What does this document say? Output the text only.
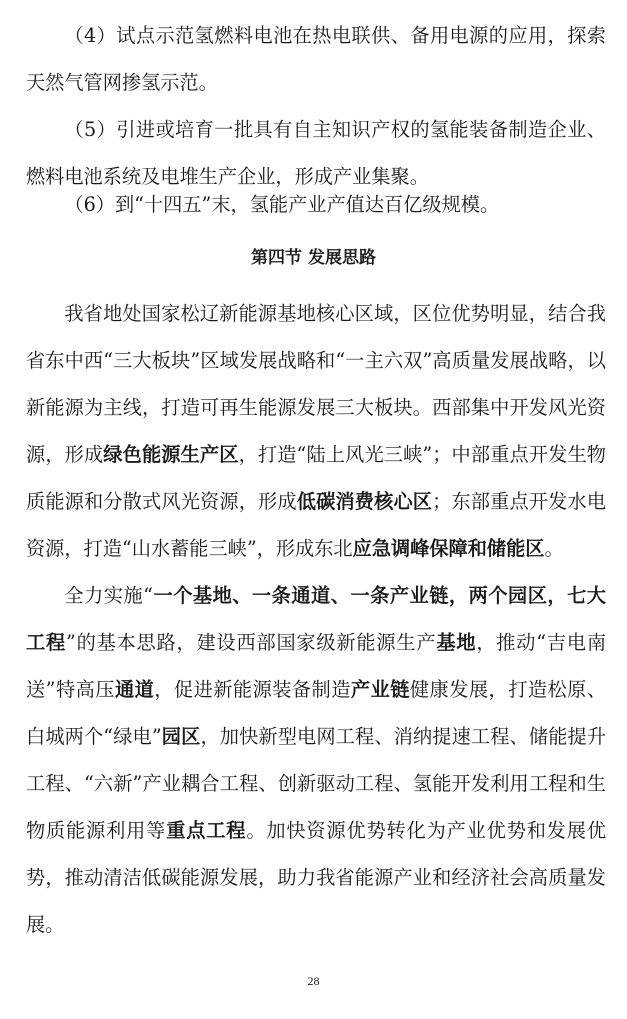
（4）试点示范氢燃料电池在热电联供、备用电源的应用，探索天然气管网掺氢示范。

（5）引进或培育一批具有自主知识产权的氢能装备制造企业、燃料电池系统及电堆生产企业，形成产业集聚。

（6）到“十四五”末，氢能产业产值达百亿级规模。

第四节 发展思路

我省地处国家松辽新能源基地核心区域，区位优势明显，结合我省东中西“三大板块”区域发展战略和“一主六双”高质量发展战略，以新能源为主线，打造可再生能源发展三大板块。西部集中开发风光资源，形成绿色能源生产区，打造“陆上风光三峡”；中部重点开发生物质能源和分散式风光资源，形成低碳消费核心区；东部重点开发水电资源，打造“山水蓄能三峡”，形成东北应急调峰保障和储能区。

全力实施“一个基地、一条通道、一条产业链，两个园区，七大工程”的基本思路，建设西部国家级新能源生产基地，推动“吉电南送”特高压通道，促进新能源装备制造产业链健康发展，打造松原、白城两个“绿电”园区，加快新型电网工程、消纳提速工程、储能提升工程、“六新”产业耦合工程、创新驱动工程、氢能开发利用工程和生物质能源利用等重点工程。加快资源优势转化为产业优势和发展优势，推动清洁低碳能源发展，助力我省能源产业和经济社会高质量发展。

28
